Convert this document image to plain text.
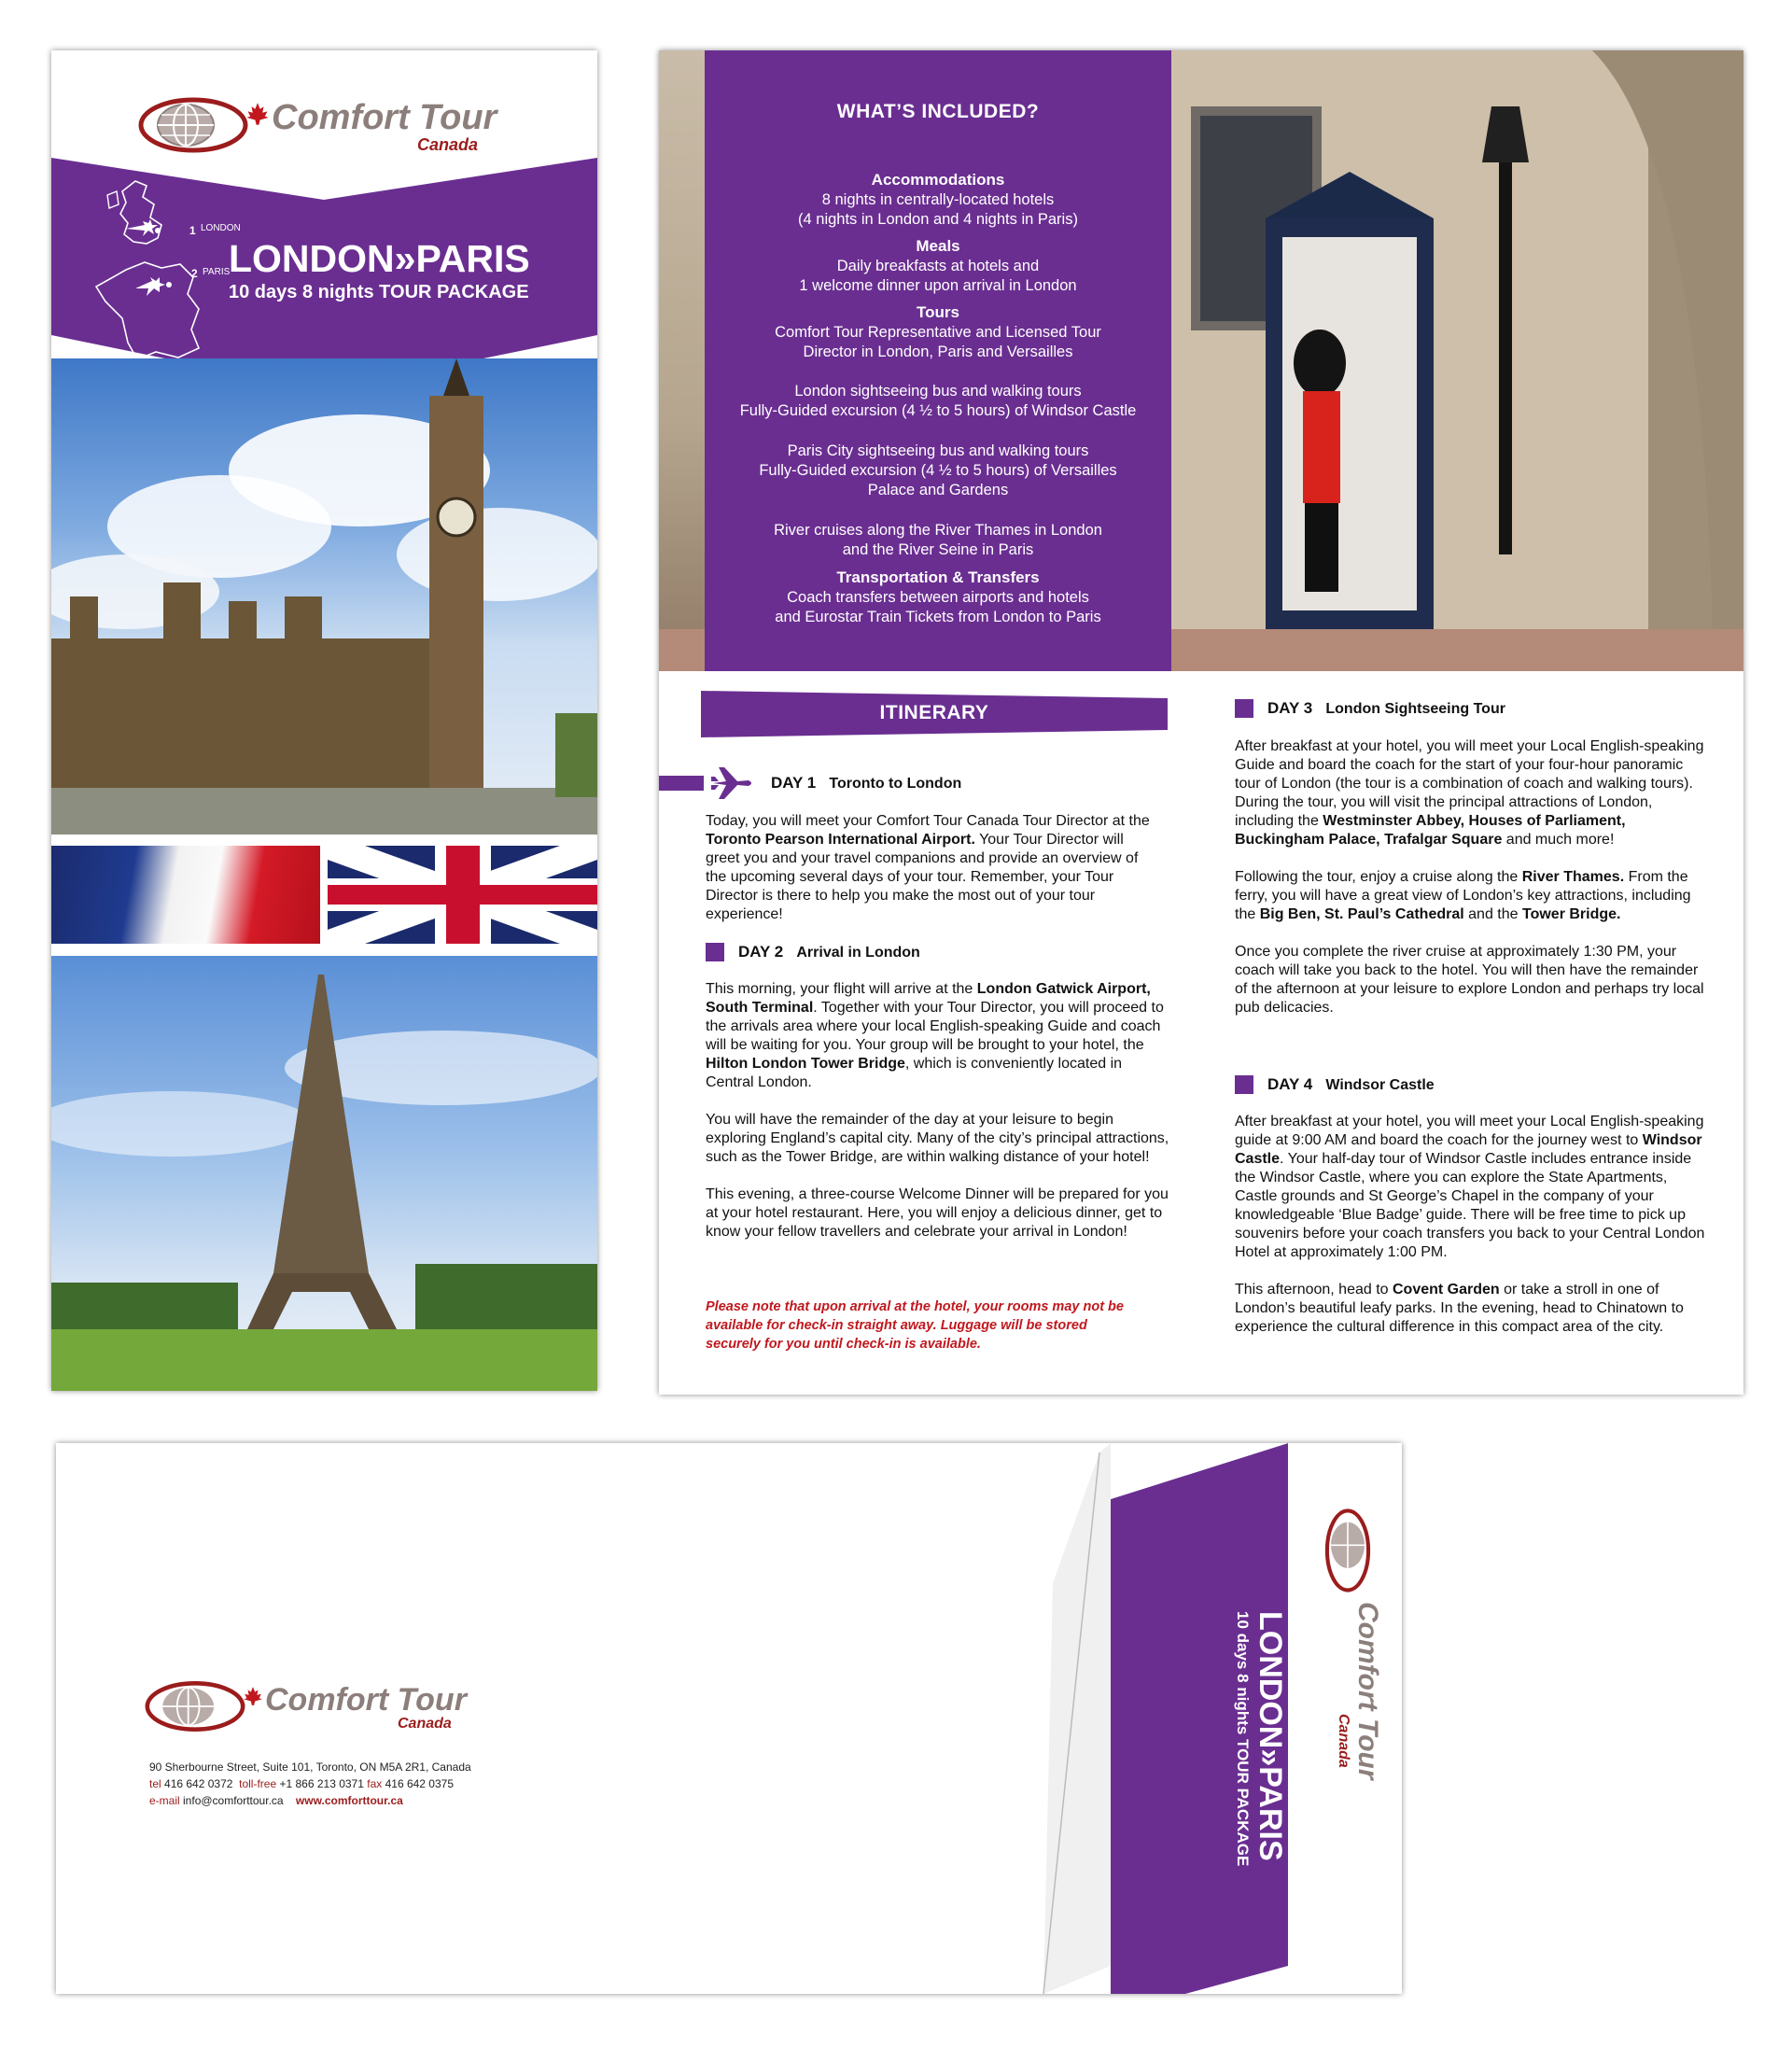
Comfort Tour
Canada
1 LONDON
2 PARIS
LONDON»PARIS
10 days 8 nights TOUR PACKAGE
WHAT’S INCLUDED?
Accommodations
8 nights in centrally-located hotels
(4 nights in London and 4 nights in Paris)

Meals
Daily breakfasts at hotels and
1 welcome dinner upon arrival in London

Tours
Comfort Tour Representative and Licensed Tour
Director in London, Paris and Versailles

London sightseeing bus and walking tours
Fully-Guided excursion (4 ½ to 5 hours) of Windsor Castle

Paris City sightseeing bus and walking tours
Fully-Guided excursion (4 ½ to 5 hours) of Versailles
Palace and Gardens

River cruises along the River Thames in London
and the River Seine in Paris

Transportation & Transfers
Coach transfers between airports and hotels
and Eurostar Train Tickets from London to Paris

ITINERARY
DAY 1 Toronto to London

Today, you will meet your Comfort Tour Canada Tour Director at the Toronto Pearson International Airport. Your Tour Director will greet you and your travel companions and provide an overview of the upcoming several days of your tour. Remember, your Tour Director is there to help you make the most out of your tour experience!

DAY 2 Arrival in London

This morning, your flight will arrive at the London Gatwick Airport, South Terminal. Together with your Tour Director, you will proceed to the arrivals area where your local English-speaking Guide and coach will be waiting for you. Your group will be brought to your hotel, the Hilton London Tower Bridge, which is conveniently located in Central London.

You will have the remainder of the day at your leisure to begin exploring England’s capital city. Many of the city’s principal attractions, such as the Tower Bridge, are within walking distance of your hotel!

This evening, a three-course Welcome Dinner will be prepared for you at your hotel restaurant. Here, you will enjoy a delicious dinner, get to know your fellow travellers and celebrate your arrival in London!

Please note that upon arrival at the hotel, your rooms may not be available for check-in straight away. Luggage will be stored securely for you until check-in is available.
DAY 3 London Sightseeing Tour

After breakfast at your hotel, you will meet your Local English-speaking Guide and board the coach for the start of your four-hour panoramic tour of London (the tour is a combination of coach and walking tours). During the tour, you will visit the principal attractions of London, including the Westminster Abbey, Houses of Parliament, Buckingham Palace, Trafalgar Square and much more!

Following the tour, enjoy a cruise along the River Thames. From the ferry, you will have a great view of London’s key attractions, including the Big Ben, St. Paul’s Cathedral and the Tower Bridge.

Once you complete the river cruise at approximately 1:30 PM, your coach will take you back to the hotel. You will then have the remainder of the afternoon at your leisure to explore London and perhaps try local pub delicacies.

DAY 4 Windsor Castle

After breakfast at your hotel, you will meet your Local English-speaking guide at 9:00 AM and board the coach for the journey west to Windsor Castle. Your half-day tour of Windsor Castle includes entrance inside the Windsor Castle, where you can explore the State Apartments, Castle grounds and St George’s Chapel in the company of your knowledgeable ‘Blue Badge’ guide. There will be free time to pick up souvenirs before your coach transfers you back to your Central London Hotel at approximately 1:00 PM.

This afternoon, head to Covent Garden or take a stroll in one of London’s beautiful leafy parks. In the evening, head to Chinatown to experience the cultural difference in this compact area of the city.

Comfort Tour
Canada
90 Sherbourne Street, Suite 101, Toronto, ON M5A 2R1, Canada
tel 416 642 0372 toll-free +1 866 213 0371 fax 416 642 0375
e-mail info@comforttour.ca www.comforttour.ca	LONDON»PARIS
10 days 8 nights TOUR PACKAGE	Comfort Tour
Canada
